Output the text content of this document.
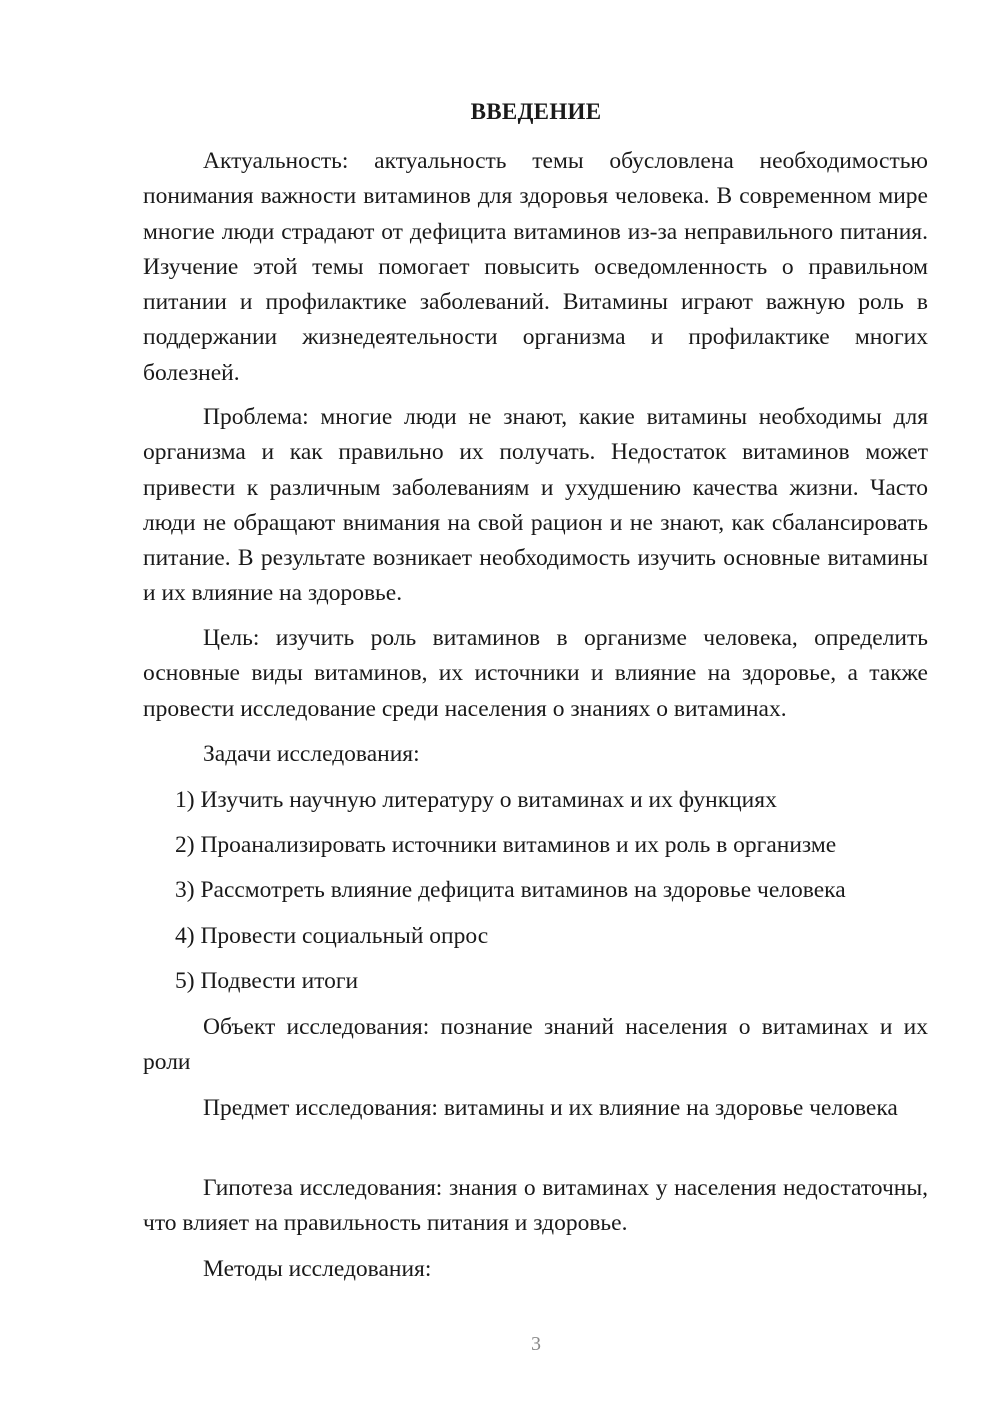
ВВЕДЕНИЕ

Актуальность: актуальность темы обусловлена необходимостью понимания важности витаминов для здоровья человека. В современном мире многие люди страдают от дефицита витаминов из-за неправильного питания. Изучение этой темы помогает повысить осведомленность о правильном питании и профилактике заболеваний. Витамины играют важную роль в поддержании жизнедеятельности организма и профилактике многих болезней.

Проблема: многие люди не знают, какие витамины необходимы для организма и как правильно их получать. Недостаток витаминов может привести к различным заболеваниям и ухудшению качества жизни. Часто люди не обращают внимания на свой рацион и не знают, как сбалансировать питание. В результате возникает необходимость изучить основные витамины и их влияние на здоровье.

Цель: изучить роль витаминов в организме человека, определить основные виды витаминов, их источники и влияние на здоровье, а также провести исследование среди населения о знаниях о витаминах.

Задачи исследования:

1) Изучить научную литературу о витаминах и их функциях

2) Проанализировать источники витаминов и их роль в организме

3) Рассмотреть влияние дефицита витаминов на здоровье человека

4) Провести социальный опрос

5) Подвести итоги

Объект исследования: познание знаний населения о витаминах и их роли

Предмет исследования: витамины и их влияние на здоровье человека

Гипотеза исследования: знания о витаминах у населения недостаточны, что влияет на правильность питания и здоровье.

Методы исследования:

3
